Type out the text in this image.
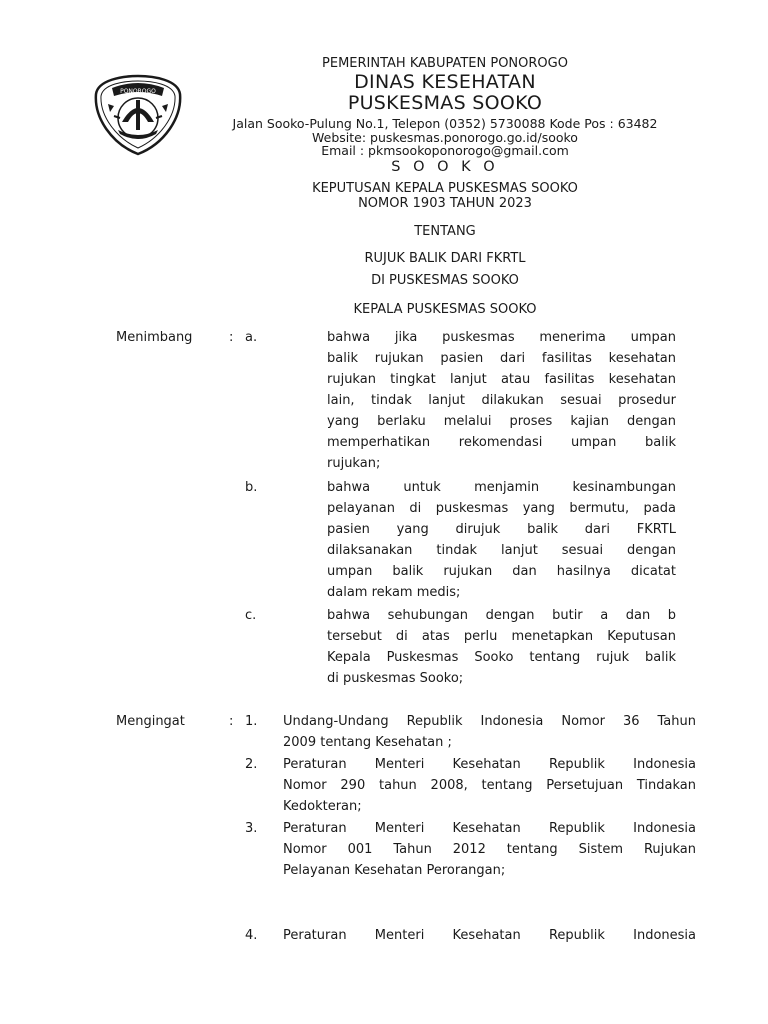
PONOROGO
PEMERINTAH KABUPATEN PONOROGO
DINAS KESEHATAN
PUSKESMAS SOOKO
Jalan Sooko-Pulung No.1, Telepon (0352) 5730088 Kode Pos : 63482
Website: puskesmas.ponorogo.go.id/sooko
Email : pkmsookoponorogo@gmail.com
S O O K O
KEPUTUSAN KEPALA PUSKESMAS SOOKO
NOMOR 1903 TAHUN 2023
TENTANG
RUJUK BALIK DARI FKRTL
DI PUSKESMAS SOOKO
KEPALA PUSKESMAS SOOKO
Menimbang	: a.	bahwa jika puskesmas menerima umpan
balik rujukan pasien dari fasilitas kesehatan
rujukan tingkat lanjut atau fasilitas kesehatan
lain, tindak lanjut dilakukan sesuai prosedur
yang berlaku melalui proses kajian dengan
memperhatikan rekomendasi umpan balik
rujukan;
b.	bahwa untuk menjamin kesinambungan
pelayanan di puskesmas yang bermutu, pada
pasien yang dirujuk balik dari FKRTL
dilaksanakan tindak lanjut sesuai dengan
umpan balik rujukan dan hasilnya dicatat
dalam rekam medis;
c.	bahwa sehubungan dengan butir a dan b
tersebut di atas perlu menetapkan Keputusan
Kepala Puskesmas Sooko tentang rujuk balik
di puskesmas Sooko;
Mengingat	: 1. Undang-Undang Republik Indonesia Nomor 36 Tahun
2009 tentang Kesehatan ;
2. Peraturan Menteri Kesehatan Republik Indonesia
Nomor 290 tahun 2008, tentang Persetujuan Tindakan
Kedokteran;
3. Peraturan Menteri Kesehatan Republik Indonesia
Nomor 001 Tahun 2012 tentang Sistem Rujukan
Pelayanan Kesehatan Perorangan;
4. Peraturan Menteri Kesehatan Republik Indonesia
